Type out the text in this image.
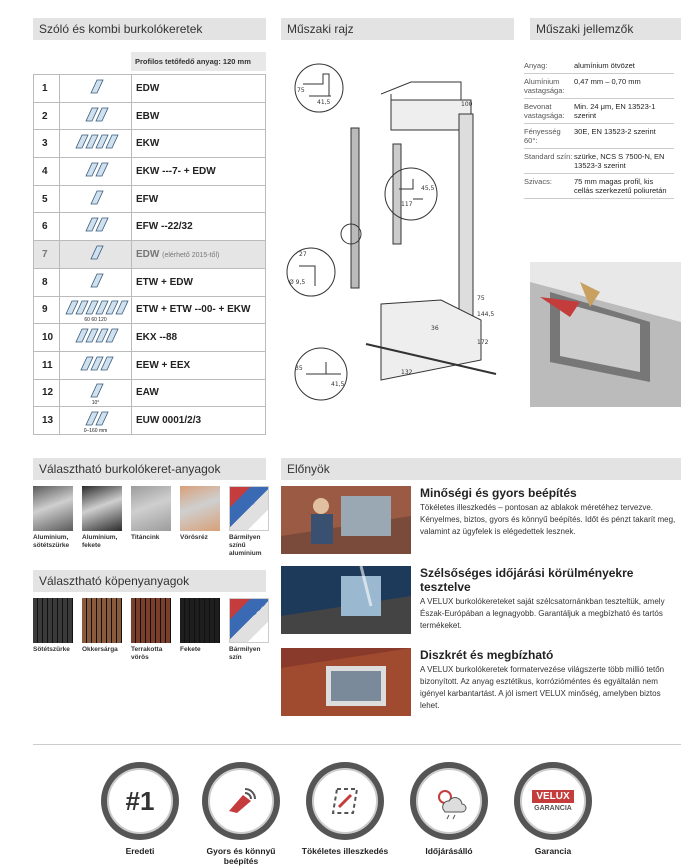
Szóló és kombi burkolókeretek	Műszaki rajz	Műszaki jellemzők
Profilos tetőfedő anyag: 120 mm
1		EDW
2		EBW
3		EKW
4		EKW ---7- + EDW
5		EFW
6		EFW --22/32
7		EDW (elérhető 2015-től)
8		ETW + EDW
9	60 60 120	ETW + ETW --00- + EKW
10		EKX --88
11		EEW + EEX
12	10°	EAW
13	0–160 mm	EUW 0001/2/3
75
41,5	100
45,5
117
27
Ø 9,5
75
144,5
172
36
35
41,5
132
Anyag:	alumínium ötvözet
Alumínium vastagsága:
0,47 mm – 0,70 mm
Bevonat vastagsága:
Min. 24 μm, EN 13523-1 szerint
Fényesség 60°:
30E, EN 13523-2 szerint
Standard szín: szürke, NCS S 7500-N, EN 13523-3 szerint
Szivacs:	75 mm magas profil, kis cellás szerkezetű poliuretán
Választható burkolókeret-anyagok
Alumínium, sötétszürke
Alumínium, fekete
Titáncink	Vörösréz	Bármilyen színű alumínium
Választható köpenyanyagok
Sötétszürke	Okkersárga	Terrakotta vörös
Fekete	Bármilyen szín
Előnyök
Minőségi és gyors beépítés

Tökéletes illeszkedés – pontosan az ablakok méretéhez tervezve. Kényelmes, biztos, gyors és könnyű beépítés. Időt és pénzt takarít meg, valamint az ügyfelek is elégedettek lesznek.

Szélsőséges időjárási körülményekre tesztelve

A VELUX burkolókereteket saját szélcsatornánkban teszteltük, amely Észak-Európában a legnagyobb. Garantáljuk a megbízható és tartós termékeket.

Diszkrét és megbízható

A VELUX burkolókeretek formatervezése világszerte több millió tetőn bizonyított. Az anyag esztétikus, korrózióméntes és egyáltalán nem igényel karbantartást. A jól ismert VELUX minőség, amelyben biztos lehet.

#1
Eredeti	Gyors és könnyű beépítés
Tökéletes illeszkedés	Időjárásálló
VELUX
GARANCIA
Garancia
